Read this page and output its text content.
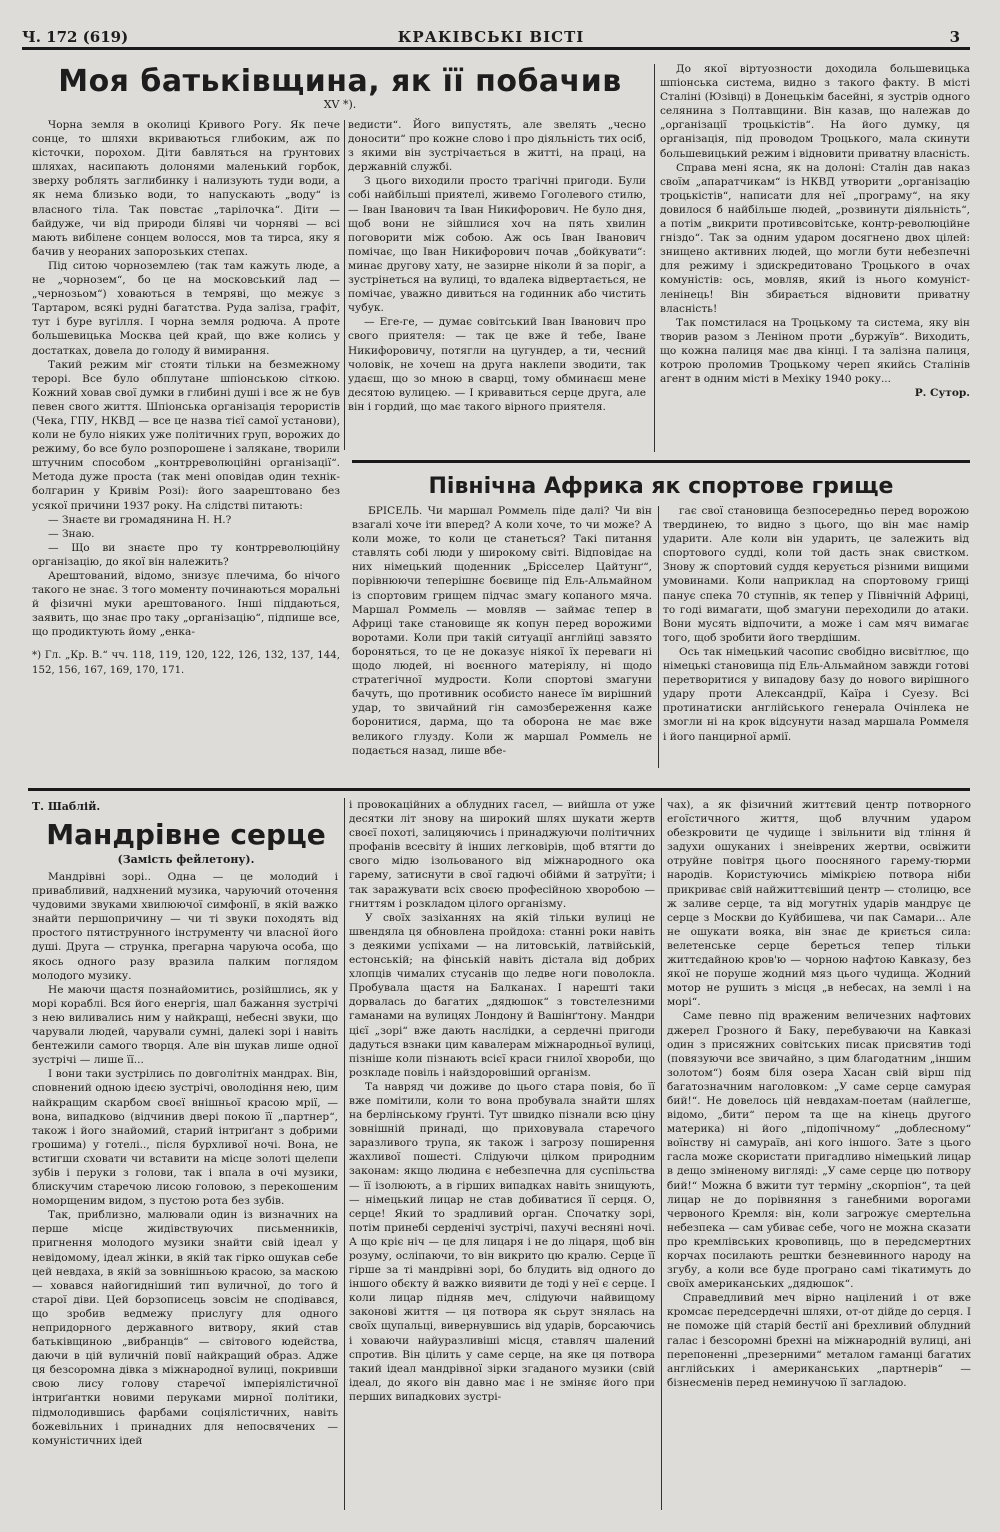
Ч. 172 (619)	КРАКІВСЬКІ ВІСТІ	3
Моя батьківщина, як її побачив
XV *).

Чорна земля в околиці Кривого Рогу. Як пече сонце, то шляхи вкриваються глибоким, аж по кісточки, порохом. Діти бавляться на ґрунтових шляхах, насипають долонями маленький горбок, зверху роблять заглибинку і нализують туди води, а як нема близько води, то напускають „воду“ із власного тіла. Так повстає „тарілочка“. Діти — байдуже, чи від природи біляві чи чорняві — всі мають вибілене сонцем волосся, мов та тирса, яку я бачив у неораних запорозьких степах.

Під ситою чорноземлею (так там кажуть люде, а не „чорнозем“, бо це на московський лад — „чернозьом“) ховаються в темряві, що межує з Тартаром, всякі рудні багатства. Руда заліза, графіт, тут і буре вугілля. І чорна земля родюча. А проте большевицька Москва цей край, що вже колись у достатках, довела до голоду й вимирання.

Такий режим міг стояти тільки на безмежному терорі. Все було обплутане шпіонською сіткою. Кожний ховав свої думки в глибині душі і все ж не був певен свого життя. Шпіонська організація терористів (Чека, ГПУ, НКВД — все це назва тієї самої установи), коли не було ніяких уже політичних груп, ворожих до режиму, бо все було розпорошене і залякане, творили штучним способом „контрреволюційні організації“. Метода дуже проста (так мені оповідав один технік-болгарин у Кривім Розі): його заарештовано без усякої причини 1937 року. На слідстві питають:

— Знаєте ви громадянина Н. Н.?

— Знаю.

— Що ви знаєте про ту контрреволюційну організацію, до якої він належить?

Арештований, відомо, знизує плечима, бо нічого такого не знає. З того моменту починаються моральні й фізичні муки арештованого. Інші піддаються, заявить, що знає про таку „організацію“, підпише все, що продиктують йому „енка-

*) Гл. „Кр. В.“ чч. 118, 119, 120, 122, 126, 132, 137, 144, 152, 156, 167, 169, 170, 171.

ведисти“. Його випустять, але звелять „чесно доносити“ про кожне слово і про діяльність тих осіб, з якими він зустрічається в житті, на праці, на державній службі.

З цього виходили просто трагічні пригоди. Були собі найбільші приятелі, живемо Гоголевого стилю, — Іван Іванович та Іван Никифорович. Не було дня, щоб вони не зійшлися хоч на пять хвилин поговорити між собою. Аж ось Іван Іванович помічає, що Іван Никифорович почав „бойкувати“: минає другову хату, не зазирне ніколи й за поріг, а зустрінеться на вулиці, то вдалека відвертається, не помічає, уважно дивиться на годинник або чистить чубук.

— Еге-ге, — думає совітський Іван Іванович про свого приятеля: — так це вже й тебе, Іване Никифоровичу, потягли на цугундер, а ти, чесний чоловік, не хочеш на друга наклепи зводити, так удаєш, що зо мною в сварці, тому обминаєш мене десятою вулицею. — І кривавиться серце друга, але він і гордий, що має такого вірного приятеля.

До якої віртуозности доходила большевицька шпіонська система, видно з такого факту. В місті Сталіні (Юзівці) в Донецькім басейні, я зустрів одного селянина з Полтавщини. Він казав, що належав до „організації троцькістів“. На його думку, ця організація, під проводом Троцького, мала скинути большевицький режим і відновити приватну власність.

Справа мені ясна, як на долоні: Сталін дав наказ своїм „апаратчикам“ із НКВД утворити „організацію троцькістів“, написати для неї „програму“, на яку довилося б найбільше людей, „розвинути діяльність“, а потім „викрити противсовітське, контр-революційне гніздо“. Так за одним ударом досягнено двох цілей: знищено активних людей, що могли бути небезпечні для режиму і здискредитовано Троцького в очах комуністів: ось, мовляв, який із нього комуніст-ленінець! Він збирається відновити приватну власність!

Так помстилася на Троцькому та система, яку він творив разом з Леніном проти „буржуїв“. Виходить, що кожна палиця має два кінці. І та залізна палиця, котрою проломив Троцькому череп якийсь Сталінів агент в одним місті в Мехіку 1940 року...

Р. Сутор.
Північна Африка як спортове грище

БРІСЕЛЬ. Чи маршал Роммель піде далі? Чи він взагалі хоче іти вперед? А коли хоче, то чи може? А коли може, то коли це станеться? Такі питання ставлять собі люди у широкому світі. Відповідає на них німецький щоденник „Брісселер Цайтунґ“, порівнюючи теперішнє боєвище під Ель-Альмайном із спортовим грищем підчас змагу копаного мяча. Маршал Роммель — мовляв — займає тепер в Африці таке становище як копун перед ворожими воротами. Коли при такій ситуації англійці завзято бороняться, то це не доказує ніякої їх переваги ні щодо людей, ні воєнного матеріялу, ні щодо стратегічної мудрости. Коли спортові змагуни бачуть, що противник особисто нанесе їм вирішний удар, то звичайний гін самозбереження каже боронитися, дарма, що та оборона не має вже великого глузду. Коли ж маршал Роммель не подається назад, лише вбе-

гає свої становища безпосередньо перед ворожою твердинею, то видно з цього, що він має намір ударити. Але коли він ударить, це залежить від спортового судді, коли той дасть знак свистком. Знову ж спортовий суддя керується різними вищими умовинами. Коли наприклад на спортовому грищі панує спека 70 ступнів, як тепер у Північній Африці, то годі вимагати, щоб змагуни переходили до атаки. Вони мусять відпочити, а може і сам мяч вимагає того, щоб зробити його твердішим.

Ось так німецький часопис свобідно висвітлює, що німецькі становища під Ель-Альмайном завжди готові перетворитися у випадову базу до нового вирішного удару проти Александрії, Каїра і Суезу. Всі протинатиски англійського генерала Очінлека не змогли ні на крок відсунути назад маршала Роммеля і його панцирної армії.

Т. Шаблій.
Мандрівне серце
(Замість фейлетону).

Мандрівні зорі.. Одна — це молодий і привабливий, надхнений музика, чаруючий оточення чудовими звуками хвилюючої симфонії, в якій важко знайти першопричину — чи ті звуки походять від простого пятиструнного інструменту чи власної його душі. Друга — струнка, прегарна чаруюча особа, що якось одного разу вразила палким поглядом молодого музику.

Не маючи щастя познайомитись, розійшлись, як у морі кораблі. Вся його енергія, шал бажання зустрічі з нею виливались ним у найкращі, небесні звуки, що чарували людей, чарували сумні, далекі зорі і навіть бентежили самого творця. Але він шукав лише одної зустрічі — лише її...

І вони таки зустрілись по довголітніх мандрах. Він, сповнений одною ідеєю зустрічі, оволодіння нею, цим найкращим скарбом своєї внішньої красою мрії, — вона, випадково (відчинив двері покою її „партнер“, також і його знайомий, старий інтриґант з добрими грошима) у готелі.., після бурхливої ночі. Вона, не встигши сховати чи вставити на місце золоті щелепи зубів і перуки з голови, так і впала в очі музики, блискучим старечою лисою головою, з перекошеним номорщеним видом, з пустою рота без зубів.

Так, приблизно, малювали один із визначних на перше місце жидівствуючих письменників, пригнення молодого музики знайти свій ідеал у невідомому, ідеал жінки, в якій так гірко ошукав себе цей невдаха, в якій за зовнішньою красою, за маскою — ховався найогидніший тип вуличної, до того й старої діви. Цей борзописець зовсім не сподівався, що зробив ведмежу прислугу для одного непридорного державного витвору, який став батьківщиною „вибранців“ — світового юдейства, даючи в цій вуличній повії найкращий образ. Адже ця безсоромна дівка з міжнародної вулиці, покривши свою лису голову старечої імперіялістичної інтриґантки новими перуками мирної політики, підмолодившись фарбами соціялістичних, навіть божевільних і принадних для непосвячених — комуністичних ідей

і провокаційних а облудних гасел, — вийшла от уже десятки літ знову на широкий шлях шукати жертв своєї похоті, залицяючись і принаджуючи політичних профанів всесвіту й інших легковірів, щоб втягти до свого мідю ізольованого від міжнародного ока гарему, затиснути в свої гадючі обійми й затруїти; і так заражувати всіх своєю професійною хворобою — гниттям і розкладом цілого організму.

У своїх зазіханнях на якій тільки вулиці не швендяла ця обновлена пройдоха: станні роки навіть з деякими успіхами — на литовській, латвійській, естонській; на фінській навіть дістала від добрих хлопців чималих стусанів що ледве ноги поволокла. Пробувала щастя на Балканах. І нарешті таки дорвалась до багатих „дядюшок“ з товстелезними гаманами на вулицях Лондону й Вашінґтону. Мандри цієї „зорі“ вже дають наслідки, а сердечні пригоди дадуться взнаки цим кавалерам міжнародньої вулиці, пізніше коли пізнають всієї краси гнилої хвороби, що розкладе повіль і найздоровіший організм.

Та навряд чи доживе до цього стара повія, бо її вже помітили, коли то вона пробувала знайти шлях на берлінському ґрунті. Тут швидко пізнали всю ціну зовнішній принаді, що приховувала старечого заразливого трупа, як також і загрозу поширення жахливої пошесті. Слідуючи цілком природним законам: якщо людина є небезпечна для суспільства — її ізолюють, а в гірших випадках навіть знищують, — німецький лицар не став добиватися її серця. О, серце! Який то зрадливий орган. Спочатку зорі, потім принебі серденічі зустрічі, пахучі весняні ночі. А що кріє ніч — це для лицаря і не до ліцаря, щоб він розуму, осліпаючи, то він викрито цю кралю. Серце її гірше за ті мандрівні зорі, бо блудить від одного до іншого обєкту й важко виявити де тоді у неї є серце. І коли лицар підняв меч, слідуючи найвищому законові життя — ця потвора як сьрут знялась на своїх щупальці, вивернувшись від ударів, борсаючись і ховаючи найуразливіші місця, ставляч шалений спротив. Він цілить у саме серце, на яке ця потвора такий ідеал мандрівної зірки згаданого музики (свій ідеал, до якого він давно має і не зміняє його при перших випадкових зустрі-

чах), а як фізичний життєвий центр потворного егоїстичного життя, щоб влучним ударом обезкровити це чудище і звільнити від тління й задухи ошуканих і знеіврених жертви, освіжити отруйне повітря цього поосняного гарему-тюрми народів. Користуючись мімікрією потвора ніби прикриває свій найжиттєвіший центр — столицю, все ж заливе серце, та від могутніх ударів мандрує це серце з Москви до Куйбишева, чи пак Самари... Але не ошукати вояка, він знає де криється сила: велетенське серце береться тепер тільки життєдайною кров'ю — чорною нафтою Кавказу, без якої не поруше жодний мяз цього чудища. Жодний мотор не рушить з місця „в небесах, на землі і на морі“.

Саме певно під враженим величезних нафтових джерел Грозного й Баку, перебуваючи на Кавказі один з присяжних совітських писак присвятив тоді (повязуючи все звичайно, з цим благодатним „іншим золотом“) боям біля озера Хасан свій вірш під багатозначним наголовком: „У саме серце самурая бий!“. Не довелось цій невдахам-поетам (найлегше, відомо, „бити“ пером та ще на кінець другого материка) ні його „підопічному“ „доблесному“ воїнству ні самураїв, ані кого іншого. Зате з цього гасла може скористати пригадливо німецький лицар в дещо зміненому вигляді: „У саме серце цю потвору бий!“ Можна б вжити тут терміну „скорпіон“, та цей лицар не до порівняння з ганебними ворогами червоного Кремля: він, коли загрожує смертельна небезпека — сам убиває себе, чого не можна сказати про кремлівських кровопивць, що в передсмертних корчах посилають рештки безневинного народу на згубу, а коли все буде програно самі тікатимуть до своїх американських „дядюшок“.

Справедливий меч вірно націлений і от вже кромсає передсердечні шляхи, от-от дійде до серця. І не поможе цій старій бестії ані брехливий облудний галас і безсоромні брехні на міжнародній вулиці, ані перепоненні „презерними“ металом гаманці багатих англійських і американських „партнерів“ — бізнесменів перед неминучою її загладою.
